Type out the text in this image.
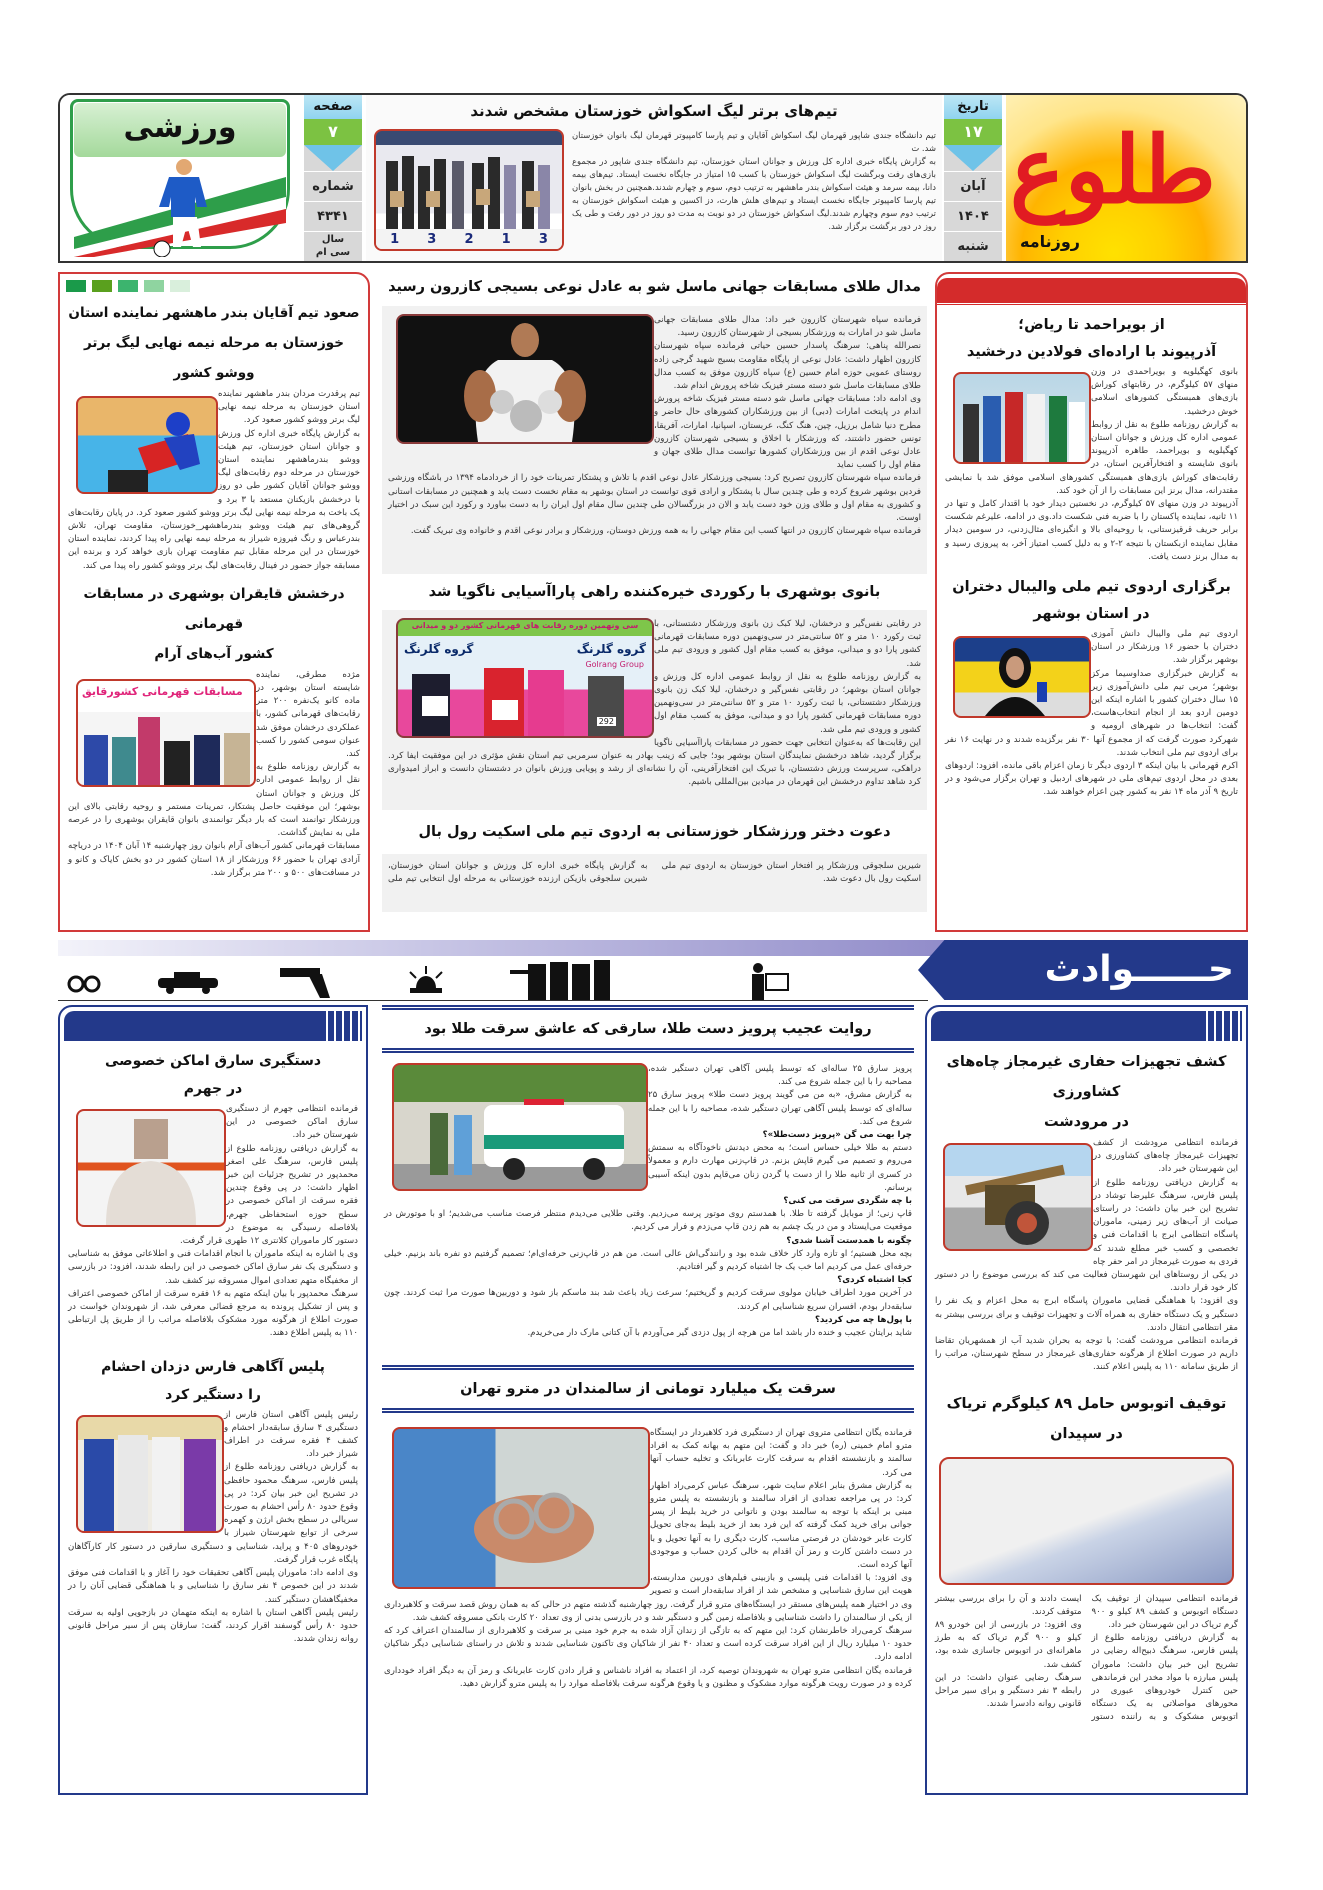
طلوع
روزنامه
تاریخ
۱۷
آبان
۱۴۰۴
شنبه
تیم‌های برتر لیگ اسکواش خوزستان مشخص شدند
1 3 2 1 3

تیم دانشگاه جندی شاپور قهرمان لیگ اسکواش آقایان و تیم پارسا کامپیوتر قهرمان لیگ بانوان خوزستان شد. ت

به گزارش پایگاه خبری اداره کل ورزش و جوانان استان خوزستان، تیم دانشگاه جندی شاپور در مجموع بازی‌های رفت وبرگشت لیگ اسکواش خوزستان با کسب ۱۵ امتیاز در جایگاه نخست ایستاد. تیم‌های بیمه دانا، بیمه سرمد و هیئت اسکواش بندر ماهشهر به ترتیب دوم، سوم و چهارم شدند.همچنین در بخش بانوان تیم پارسا کامپیوتر جایگاه نخست ایستاد و تیم‌های هلش هارت، دز اکسین و هیئت اسکواش خوزستان به ترتیب دوم سوم وچهارم شدند.لیگ اسکواش خوزستان در دو نوبت به مدت دو روز در دور رفت و طی یک روز در دور برگشت برگزار شد.

صفحه
۷
شماره
۴۳۴۱
سال
سی ام
ورزشی
از بویراحمد تا ریاض؛
آذرپیوند با اراده‌ای فولادین درخشید

بانوی کهگیلویه و بویراحمدی در وزن منهای ۵۷ کیلوگرم، در رقابتهای کوراش بازی‌های همبستگی کشورهای اسلامی خوش درخشید.

به گزارش روزنامه طلوع به نقل از روابط عمومی اداره کل ورزش و جوانان استان کهگیلویه و بویراحمد، طاهره آذرپیوند بانوی شایسته و افتخارآفرین استان، در رقابت‌های کوراش بازی‌های همبستگی کشورهای اسلامی موفق شد با نمایشی مقتدرانه، مدال برنز این مسابقات را از آن خود کند.

آذرپیوند در وزن منهای ۵۷ کیلوگرم، در نخستین دیدار خود با اقتدار کامل و تنها در ۱۱ ثانیه، نماینده پاکستان را با ضربه فنی شکست داد.وی در ادامه، علیرغم شکست برابر حریف قرقیزستانی، با روحیه‌ای بالا و انگیزه‌ای مثال‌زدنی، در سومین دیدار مقابل نماینده ازبکستان با نتیجه ۲-۲ و به دلیل کسب امتیاز آخر، به پیروزی رسید و به مدال برنز دست یافت.

برگزاری اردوی تیم ملی والیبال دختران
در استان بوشهر

اردوی تیم ملی والیبال دانش آموزی دختران با حضور ۱۶ ورزشکار در استان بوشهر برگزار شد.

به گزارش خبرگزاری صداوسیما مرکز بوشهر؛ مربی تیم ملی دانش‌آموزی زیر ۱۵ سال دختران کشور با اشاره اینکه این دومین اردو بعد از انجام انتخاب‌هاست، گفت: انتخاب‌ها در شهرهای ارومیه و شهرکرد صورت گرفت که از مجموع آنها ۳۰ نفر برگزیده شدند و در نهایت ۱۶ نفر برای اردوی تیم ملی انتخاب شدند.

اکرم قهرمانی با بیان اینکه ۳ اردوی دیگر تا زمان اعزام باقی مانده، افزود: اردوهای بعدی در محل اردوی تیم‌های ملی در شهرهای اردبیل و تهران برگزار می‌شود و در تاریخ ۹ آذر ماه ۱۴ نفر به کشور چین اعزام خواهند شد.

مدال طلای مسابقات جهانی ماسل شو به عادل نوعی بسیجی کازرون رسید

فرمانده سپاه شهرستان کازرون خبر داد: مدال طلای مسابقات جهانی ماسل شو در امارات به ورزشکار بسیجی از شهرستان کازرون رسید.

نصرالله پناهی: سرهنگ پاسدار حسین حیاتی فرمانده سپاه شهرستان کازرون اظهار داشت: عادل نوعی از پایگاه مقاومت بسیج شهید گرجی زاده روستای عمویی حوزه امام حسین (ع) سپاه کازرون موفق به کسب مدال طلای مسابقات ماسل شو دسته مستر فیزیک شاخه پرورش اندام شد.

وی ادامه داد: مسابقات جهانی ماسل شو دسته مستر فیزیک شاخه پرورش اندام در پایتخت امارات (دبی) از بین ورزشکاران کشورهای حال حاضر و مطرح دنیا شامل برزیل، چین، هنگ کنگ، عربستان، اسپانیا، امارات، آفریقا، تونس حضور داشتند، که ورزشکار با اخلاق و بسیجی شهرستان کازرون عادل نوعی اقدم از بین ورزشکاران کشورها توانست مدال طلای جهان و مقام اول را کسب نماید

فرمانده سپاه شهرستان کازرون تصریح کرد: بسیجی ورزشکار عادل نوعی اقدم با تلاش و پشتکار تمرینات خود را از خردادماه ۱۳۹۴ در باشگاه ورزشی فردین بوشهر شروع کرده و طی چندین سال با پشتکار و ارادی قوی توانست در استان بوشهر به مقام نخست دست یابد و همچنین در مسابقات استانی و کشوری به مقام اول و طلای وزن خود دست یابد و الان در بزرگسالان طی چندین سال مقام اول ایران را به دست بیاورد و رکورد این سبک در اختیار اوست.

فرمانده سپاه شهرستان کازرون در انتها کسب این مقام جهانی را به همه ورزش دوستان، ورزشکار و برادر نوعی اقدم و خانواده وی تبریک گفت.

بانوی بوشهری با رکوردی خیره‌کننده راهی پاراآسیایی ناگویا شد
سی ونهمین دوره رقابت های قهرمانی کشور دو و میدانی
گروه گلرنگ	گروه گلرنگ
Golrang Group
292

در رقابتی نفس‌گیر و درخشان، لیلا کبک زن بانوی ورزشکار دشتستانی، با ثبت رکورد ۱۰ متر و ۵۲ سانتی‌متر در سی‌ونهمین دوره مسابقات قهرمانی کشور پارا دو و میدانی، موفق به کسب مقام اول کشور و ورودی تیم ملی شد.

به گزارش روزنامه طلوع به نقل از روابط عمومی اداره کل ورزش و جوانان استان بوشهر؛ در رقابتی نفس‌گیر و درخشان، لیلا کبک زن بانوی ورزشکار دشتستانی، با ثبت رکورد ۱۰ متر و ۵۲ سانتی‌متر در سی‌ونهمین دوره مسابقات قهرمانی کشور پارا دو و میدانی، موفق به کسب مقام اول کشور و ورودی تیم ملی شد.

این رقابت‌ها که به‌عنوان انتخابی جهت حضور در مسابقات پاراآسیایی ناگویا برگزار گردید، شاهد درخشش نمایندگان استان بوشهر بود؛ جایی که زینب بهادر به عنوان سرمربی تیم استان نقش مؤثری در این موفقیت ایفا کرد. دراهکی، سرپرست ورزش دشتستان، با تبریک این افتخارآفرینی، آن را نشانه‌ای از رشد و پویایی ورزش بانوان در دشتستان دانست و ابراز امیدواری کرد شاهد تداوم درخشش این قهرمان در میادین بین‌المللی باشیم.

دعوت دختر ورزشکار خوزستانی به اردوی تیم ملی اسکیت رول بال

شیرین سلجوقی ورزشکار پر افتخار استان خوزستان به اردوی تیم ملی اسکیت رول بال دعوت شد.

به گزارش پایگاه خبری اداره کل ورزش و جوانان استان خوزستان، شیرین سلجوقی بازیکن ارزنده خوزستانی به مرحله اول انتخابی تیم ملی

صعود تیم آقایان بندر ماهشهر نماینده استان
خوزستان به مرحله نیمه نهایی لیگ برتر ووشو کشور

تیم پرقدرت مردان بندر ماهشهر نماینده استان خوزستان به مرحله نیمه نهایی لیگ برتر ووشو کشور صعود کرد.

به گزارش پایگاه خبری اداره کل ورزش و جوانان استان خوزستان، تیم هیئت ووشو بندرماهشهر نماینده استان خوزستان در مرحله دوم رقابت‌های لیگ ووشو جوانان آقایان کشور طی دو روز با درخشش بازیکنان مستعد با ۳ برد و یک باخت به مرحله نیمه نهایی لیگ برتر ووشو کشور صعود کرد. در پایان رقابت‌های گروهی‌های تیم هیئت ووشو بندرماهشهر_خوزستان، مقاومت تهران، تلاش بندرعباس و رنگ فیروزه شیراز به مرحله نیمه نهایی راه پیدا کردند، نماینده استان خوزستان در این مرحله مقابل تیم مقاومت تهران بازی خواهد کرد و برنده این مسابقه جواز حضور در فینال رقابت‌های لیگ برتر ووشو کشور راه پیدا می کند.

درخشش قایقران بوشهری در مسابقات قهرمانی
کشور آب‌های آرام
مسابقات قهرمانی کشورقایق

مژده مطرقی، نماینده شایسته استان بوشهر، در ماده کانو یک‌نفره ۲۰۰ متر رقابت‌های قهرمانی کشور، با عملکردی درخشان موفق شد عنوان سومی کشور را کسب کند.

به گزارش روزنامه طلوع به نقل از روابط عمومی اداره کل ورزش و جوانان استان بوشهر؛ این موفقیت حاصل پشتکار، تمرینات مستمر و روحیه رقابتی بالای این ورزشکار توانمند است که بار دیگر توانمندی بانوان قایقران بوشهری را در عرصه ملی به نمایش گذاشت.

مسابقات قهرمانی کشور آب‌های آرام بانوان روز چهارشنبه ۱۴ آبان ۱۴۰۴ در دریاچه آزادی تهران با حضور ۶۶ ورزشکار از ۱۸ استان کشور در دو بخش کایاک و کانو و در مسافت‌های ۵۰۰ و ۲۰۰ متر برگزار شد.

حــــــوادث
کشف تجهیزات حفاری غیرمجاز چاه‌های کشاورزی
در مرودشت

فرمانده انتظامی مرودشت از کشف تجهیزات غیرمجاز چاه‌های کشاورزی در این شهرستان خبر داد.

به گزارش دریافتی روزنامه طلوع از پلیس فارس، سرهنگ علیرضا توشاد در تشریح این خبر بیان داشت: در راستای صیانت از آب‌های زیر زمینی، ماموران پاسگاه انتظامی ابرج با اقدامات فنی و تخصصی و کسب خبر مطلع شدند که فردی به صورت غیرمجاز در امر حفر چاه در یکی از روستاهای این شهرستان فعالیت می کند که بررسی موضوع را در دستور کار خود قرار دادند.

وی افزود: با هماهنگی قضایی ماموران پاسگاه ابرج به محل اعزام و یک نفر را دستگیر و یک دستگاه حفاری به همراه آلات و تجهیزات توقیف و برای بررسی بیشتر به مقر انتظامی انتقال دادند.

فرمانده انتظامی مرودشت گفت: با توجه به بحران شدید آب از همشهریان تقاضا داریم در صورت اطلاع از هرگونه حفاری‌های غیرمجاز در سطح شهرستان، مراتب را از طریق سامانه ۱۱۰ به پلیس اعلام کنند.

توقیف اتوبوس حامل ۸۹ کیلوگرم تریاک
در سپیدان

فرمانده انتظامی سپیدان از توقیف یک دستگاه اتوبوس و کشف ۸۹ کیلو و ۹۰۰ گرم تریاک در این شهرستان خبر داد.

به گزارش دریافتی روزنامه طلوع از پلیس فارس، سرهنگ ذبیح‌اله رضایی در تشریح این خبر بیان داشت: ماموران پلیس مبارزه با مواد مخدر این فرماندهی حین کنترل خودروهای عبوری در محورهای مواصلاتی به یک دستگاه اتوبوس مشکوک و به راننده دستور ایست دادند و آن را برای بررسی بیشتر متوقف کردند.

وی افزود: در بازرسی از این خودرو ۸۹ کیلو و ۹۰۰ گرم تریاک که به طرز ماهرانه‌ای در اتوبوس جاسازی شده بود، کشف شد.

سرهنگ رضایی عنوان داشت: در این رابطه ۳ نفر دستگیر و برای سیر مراحل قانونی روانه دادسرا شدند.

روایت عجیب پرویز دست طلا، سارقی که عاشق سرقت طلا بود

پرویز سارق ۲۵ ساله‌ای که توسط پلیس آگاهی تهران دستگیر شده، مصاحبه را با این جمله شروع می کند.

به گزارش مشرق، «به من می گویند پرویز دست طلا» پرویز سارق ۲۵ ساله‌ای که توسط پلیس آگاهی تهران دستگیر شده، مصاحبه را با این جمله شروع می کند.

چرا بهت می گن «پرویز دست‌طلا»؟

دستم به طلا خیلی حساس است؛ به محض دیدنش ناخودآگاه به سمتش می‌روم و تصمیم می گیرم قاپش بزنم. در قاپ‌زنی مهارت دارم و معمولاً در کسری از ثانیه طلا را از دست یا گردن زنان می‌قاپم بدون اینکه آسیبی برسانم.

با چه شگردی سرقت می کنی؟

قاپ زنی؛ از موبایل گرفته تا طلا. با همدستم روی موتور پرسه می‌زدیم. وقتی طلایی می‌دیدم منتظر فرصت مناسب می‌شدیم؛ او با موتورش در موقعیت می‌ایستاد و من در یک چشم به هم زدن قاپ می‌زدم و فرار می کردیم.

چگونه با همدستت آشنا شدی؟

بچه محل هستیم؛ او تازه وارد کار خلاف شده بود و رانندگی‌اش عالی است. من هم در قاپ‌زنی حرفه‌ای‌ام؛ تصمیم گرفتیم دو نفره باند بزنیم. خیلی حرفه‌ای عمل می کردیم اما خب یک جا اشتباه کردیم و گیر افتادیم.

کجا اشتباه کردی؟

در آخرین مورد اطراف خیابان مولوی سرقت کردیم و گریختیم؛ سرعت زیاد باعث شد بند ماسکم باز شود و دوربین‌ها صورت مرا ثبت کردند. چون سابقه‌دار بودم، افسران سریع شناسایی ام کردند.

با پول‌ها چه می کردید؟

شاید برایتان عجیب و خنده دار باشد اما من هرچه از پول دزدی گیر می‌آوردم با آن کتانی مارک دار می‌خریدم.

سرقت یک میلیارد تومانی از سالمندان در مترو تهران

فرمانده یگان انتظامی متروی تهران از دستگیری فرد کلاهبردار در ایستگاه مترو امام خمینی (ره) خبر داد و گفت: این متهم به بهانه کمک به افراد سالمند و بازنشسته اقدام به سرقت کارت عابربانک و تخلیه حساب آنها می کرد.

به گزارش مشرق بنابر اعلام سایت شهر، سرهنگ عباس کرمی‌راد اظهار کرد: در پی مراجعه تعدادی از افراد سالمند و بازنشسته به پلیس مترو مبنی بر اینکه با توجه به سالمند بودن و ناتوانی در خرید بلیط از پسر جوانی برای خرید کمک گرفته که این فرد بعد از خرید بلیط به‌جای تحویل کارت عابر خودشان در فرصتی مناسب، کارت دیگری را به آنها تحویل و با در دست داشتن کارت و رمز آن اقدام به خالی کردن حساب و موجودی آنها کرده است.

وی افزود: با اقدامات فنی پلیسی و بازبینی فیلم‌های دوربین مداربسته، هویت این سارق شناسایی و مشخص شد از افراد سابقه‌دار است و تصویر وی در اختیار همه پلیس‌های مستقر در ایستگاه‌های مترو قرار گرفت. روز چهارشنبه گذشته متهم در حالی که به همان روش قصد سرقت و کلاهبرداری از یکی از سالمندان را داشت شناسایی و بلافاصله زمین گیر و دستگیر شد و در بازرسی بدنی از وی تعداد ۲۰ کارت بانکی مسروقه کشف شد.

سرهنگ کرمی‌راد خاطرنشان کرد: این متهم که به تازگی از زندان آزاد شده به جرم خود مبنی بر سرقت و کلاهبرداری از سالمندان اعتراف کرد که حدود ۱۰ میلیارد ریال از این افراد سرقت کرده است و تعداد ۴۰ نفر از شاکیان وی تاکنون شناسایی شدند و تلاش در راستای شناسایی دیگر شاکیان ادامه دارد.

فرمانده یگان انتظامی مترو تهران به شهروندان توصیه کرد، از اعتماد به افراد ناشناس و قرار دادن کارت عابربانک و رمز آن به دیگر افراد خودداری کرده و در صورت رویت هرگونه موارد مشکوک و مظنون و یا وقوع هرگونه سرقت بلافاصله موارد را به پلیس مترو گزارش دهید.

دستگیری سارق اماکن خصوصی
در جهرم

فرمانده انتظامی جهرم از دستگیری سارق اماکن خصوصی در این شهرستان خبر داد.

به گزارش دریافتی روزنامه طلوع از پلیس فارس، سرهنگ علی اصغر محمدپور در تشریح جزئیات این خبر اظهار داشت: در پی وقوع چندین فقره سرقت از اماکن خصوصی در سطح حوزه استحفاظی جهرم، بلافاصله رسیدگی به موضوع در دستور کار ماموران کلانتری ۱۲ طهری قرار گرفت.

وی با اشاره به اینکه ماموران با انجام اقدامات فنی و اطلاعاتی موفق به شناسایی و دستگیری یک نفر سارق اماکن خصوصی در این رابطه شدند، افزود: در بازرسی از مخفیگاه متهم تعدادی اموال مسروقه نیز کشف شد.

سرهنگ محمدپور با بیان اینکه متهم به ۱۶ فقره سرقت از اماکن خصوصی اعتراف و پس از تشکیل پرونده به مرجع قضائی معرفی شد، از شهروندان خواست در صورت اطلاع از هرگونه مورد مشکوک بلافاصله مراتب را از طریق پل ارتباطی ۱۱۰ به پلیس اطلاع دهند.

پلیس آگاهی فارس دزدان احشام
را دستگیر کرد

رئیس پلیس آگاهی استان فارس از دستگیری ۴ سارق سابقه‌دار احشام و کشف ۴ فقره سرقت در اطراف شیراز خبر داد.

به گزارش دریافتی روزنامه طلوع از پلیس فارس، سرهنگ محمود حافظی در تشریح این خبر بیان کرد: در پی وقوع حدود ۸۰ رأس احشام به صورت سریالی در سطح بخش ارژن و کهمره سرخی از توابع شهرستان شیراز با خودروهای ۴۰۵ و پراید، شناسایی و دستگیری سارقین در دستور کار کارآگاهان پایگاه غرب قرار گرفت.

وی ادامه داد: ماموران پلیس آگاهی تحقیقات خود را آغاز و با اقدامات فنی موفق شدند در این خصوص ۴ نفر سارق را شناسایی و با هماهنگی قضایی آنان را در مخفیگاهشان دستگیر کنند.

رئیس پلیس آگاهی استان با اشاره به اینکه متهمان در بازجویی اولیه به سرقت حدود ۸۰ رأس گوسفند اقرار کردند، گفت: سارقان پس از سیر مراحل قانونی روانه زندان شدند.
